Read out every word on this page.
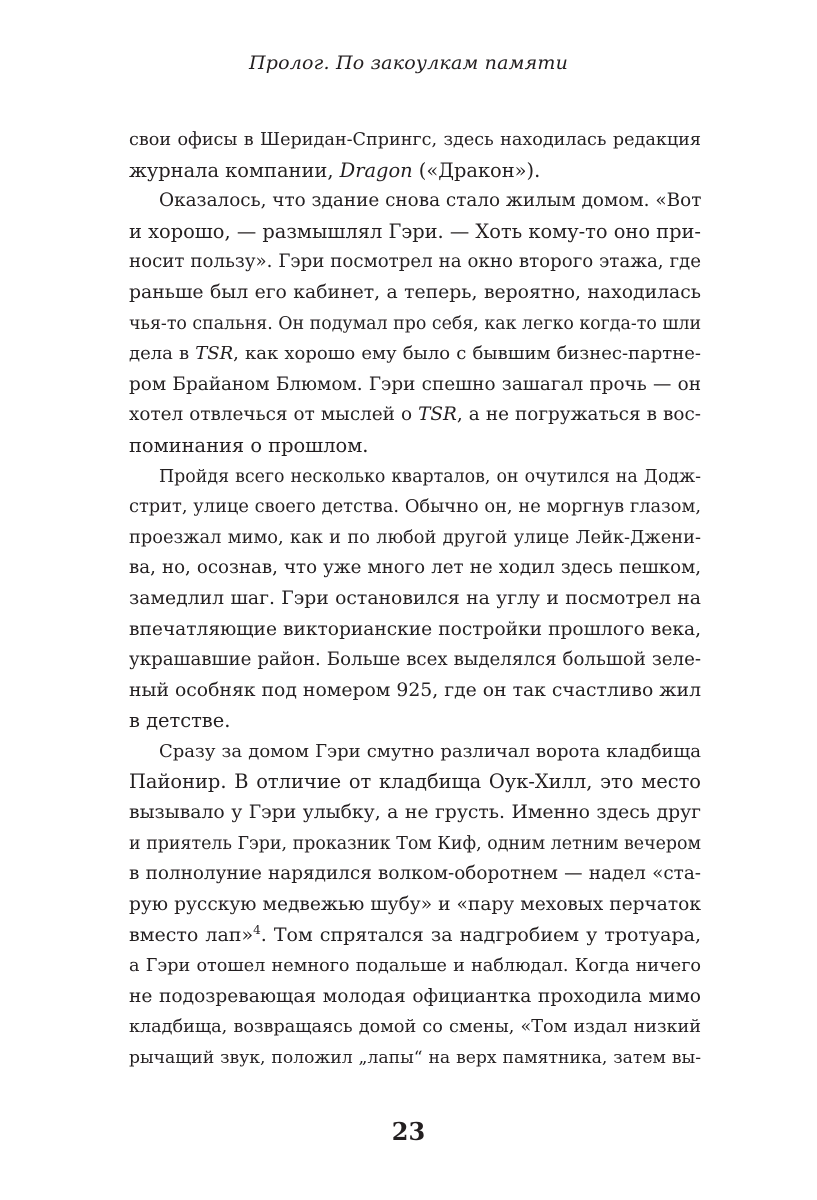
Пролог. По закоулкам памяти
свои офисы в Шеридан-Спрингс, здесь находилась редакция
журнала компании, Dragon («Дракон»).
Оказалось, что здание снова стало жилым домом. «Вот
и хорошо, — размышлял Гэри. — Хоть кому-то оно при-
носит пользу». Гэри посмотрел на окно второго этажа, где
раньше был его кабинет, а теперь, вероятно, находилась
чья-то спальня. Он подумал про себя, как легко когда-то шли
дела в TSR, как хорошо ему было с бывшим бизнес-партне-
ром Брайаном Блюмом. Гэри спешно зашагал прочь — он
хотел отвлечься от мыслей о TSR, а не погружаться в вос-
поминания о прошлом.
Пройдя всего несколько кварталов, он очутился на Додж-
стрит, улице своего детства. Обычно он, не моргнув глазом,
проезжал мимо, как и по любой другой улице Лейк-Джени-
ва, но, осознав, что уже много лет не ходил здесь пешком,
замедлил шаг. Гэри остановился на углу и посмотрел на
впечатляющие викторианские постройки прошлого века,
украшавшие район. Больше всех выделялся большой зеле-
ный особняк под номером 925, где он так счастливо жил
в детстве.
Сразу за домом Гэри смутно различал ворота кладбища
Пайонир. В отличие от кладбища Оук-Хилл, это место
вызывало у Гэри улыбку, а не грусть. Именно здесь друг
и приятель Гэри, проказник Том Киф, одним летним вечером
в полнолуние нарядился волком-оборотнем — надел «ста-
рую русскую медвежью шубу» и «пару меховых перчаток
вместо лап»$^4$. Том спрятался за надгробием у тротуара,
а Гэри отошел немного подальше и наблюдал. Когда ничего
не подозревающая молодая официантка проходила мимо
кладбища, возвращаясь домой со смены, «Том издал низкий
рычащий звук, положил „лапы“ на верх памятника, затем вы-
23
